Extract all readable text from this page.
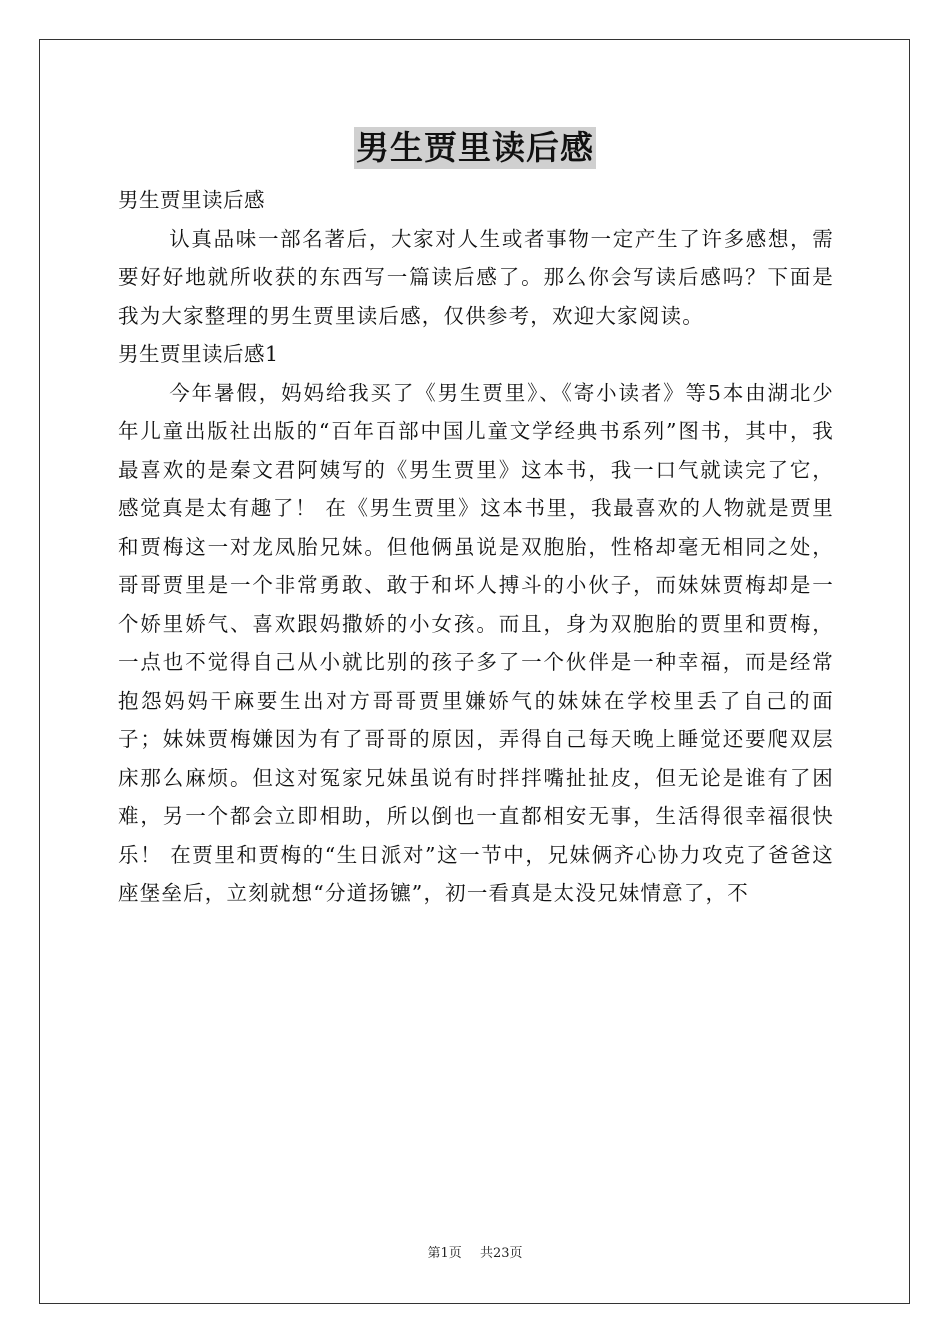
男生贾里读后感

男生贾里读后感

认真品味一部名著后，大家对人生或者事物一定产生了许多感想，需要好好地就所收获的东西写一篇读后感了。那么你会写读后感吗？下面是我为大家整理的男生贾里读后感，仅供参考，欢迎大家阅读。

男生贾里读后感1

今年暑假，妈妈给我买了《男生贾里》、《寄小读者》等5本由湖北少年儿童出版社出版的“百年百部中国儿童文学经典书系列”图书，其中，我最喜欢的是秦文君阿姨写的《男生贾里》这本书，我一口气就读完了它，感觉真是太有趣了！ 在《男生贾里》这本书里，我最喜欢的人物就是贾里和贾梅这一对龙凤胎兄妹。但他俩虽说是双胞胎，性格却毫无相同之处，哥哥贾里是一个非常勇敢、敢于和坏人搏斗的小伙子，而妹妹贾梅却是一个娇里娇气、喜欢跟妈撒娇的小女孩。而且，身为双胞胎的贾里和贾梅，一点也不觉得自己从小就比别的孩子多了一个伙伴是一种幸福，而是经常抱怨妈妈干麻要生出对方哥哥贾里嫌娇气的妹妹在学校里丢了自己的面子；妹妹贾梅嫌因为有了哥哥的原因，弄得自己每天晚上睡觉还要爬双层床那么麻烦。但这对冤家兄妹虽说有时拌拌嘴扯扯皮，但无论是谁有了困难，另一个都会立即相助，所以倒也一直都相安无事，生活得很幸福很快乐！ 在贾里和贾梅的“生日派对”这一节中，兄妹俩齐心协力攻克了爸爸这座堡垒后，立刻就想“分道扬镳”，初一看真是太没兄妹情意了，不

第1页 共23页
